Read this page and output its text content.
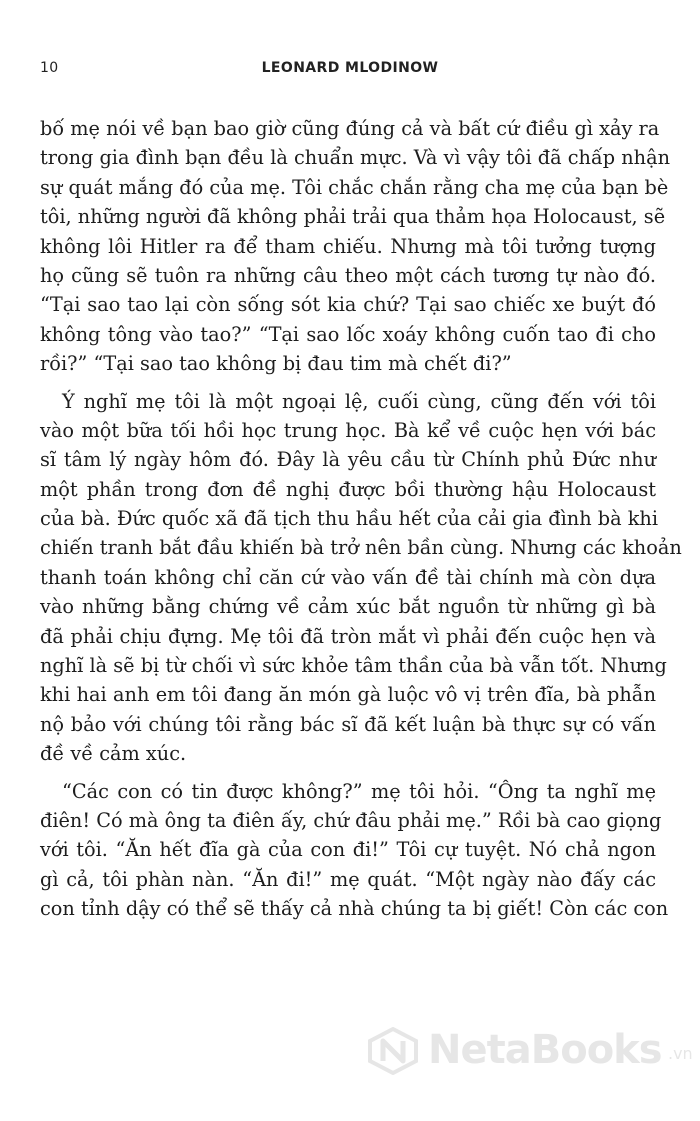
10	LEONARD MLODINOW
bố mẹ nói về bạn bao giờ cũng đúng cả và bất cứ điều gì xảy ra
trong gia đình bạn đều là chuẩn mực. Và vì vậy tôi đã chấp nhận
sự quát mắng đó của mẹ. Tôi chắc chắn rằng cha mẹ của bạn bè
tôi, những người đã không phải trải qua thảm họa Holocaust, sẽ
không lôi Hitler ra để tham chiếu. Nhưng mà tôi tưởng tượng
họ cũng sẽ tuôn ra những câu theo một cách tương tự nào đó.
“Tại sao tao lại còn sống sót kia chứ? Tại sao chiếc xe buýt đó
không tông vào tao?” “Tại sao lốc xoáy không cuốn tao đi cho
rồi?” “Tại sao tao không bị đau tim mà chết đi?”
Ý nghĩ mẹ tôi là một ngoại lệ, cuối cùng, cũng đến với tôi
vào một bữa tối hồi học trung học. Bà kể về cuộc hẹn với bác
sĩ tâm lý ngày hôm đó. Đây là yêu cầu từ Chính phủ Đức như
một phần trong đơn đề nghị được bồi thường hậu Holocaust
của bà. Đức quốc xã đã tịch thu hầu hết của cải gia đình bà khi
chiến tranh bắt đầu khiến bà trở nên bần cùng. Nhưng các khoản
thanh toán không chỉ căn cứ vào vấn đề tài chính mà còn dựa
vào những bằng chứng về cảm xúc bắt nguồn từ những gì bà
đã phải chịu đựng. Mẹ tôi đã tròn mắt vì phải đến cuộc hẹn và
nghĩ là sẽ bị từ chối vì sức khỏe tâm thần của bà vẫn tốt. Nhưng
khi hai anh em tôi đang ăn món gà luộc vô vị trên đĩa, bà phẫn
nộ bảo với chúng tôi rằng bác sĩ đã kết luận bà thực sự có vấn
đề về cảm xúc.
“Các con có tin được không?” mẹ tôi hỏi. “Ông ta nghĩ mẹ
điên! Có mà ông ta điên ấy, chứ đâu phải mẹ.” Rồi bà cao giọng
với tôi. “Ăn hết đĩa gà của con đi!” Tôi cự tuyệt. Nó chả ngon
gì cả, tôi phàn nàn. “Ăn đi!” mẹ quát. “Một ngày nào đấy các
con tỉnh dậy có thể sẽ thấy cả nhà chúng ta bị giết! Còn các con
NetaBooks .vn
